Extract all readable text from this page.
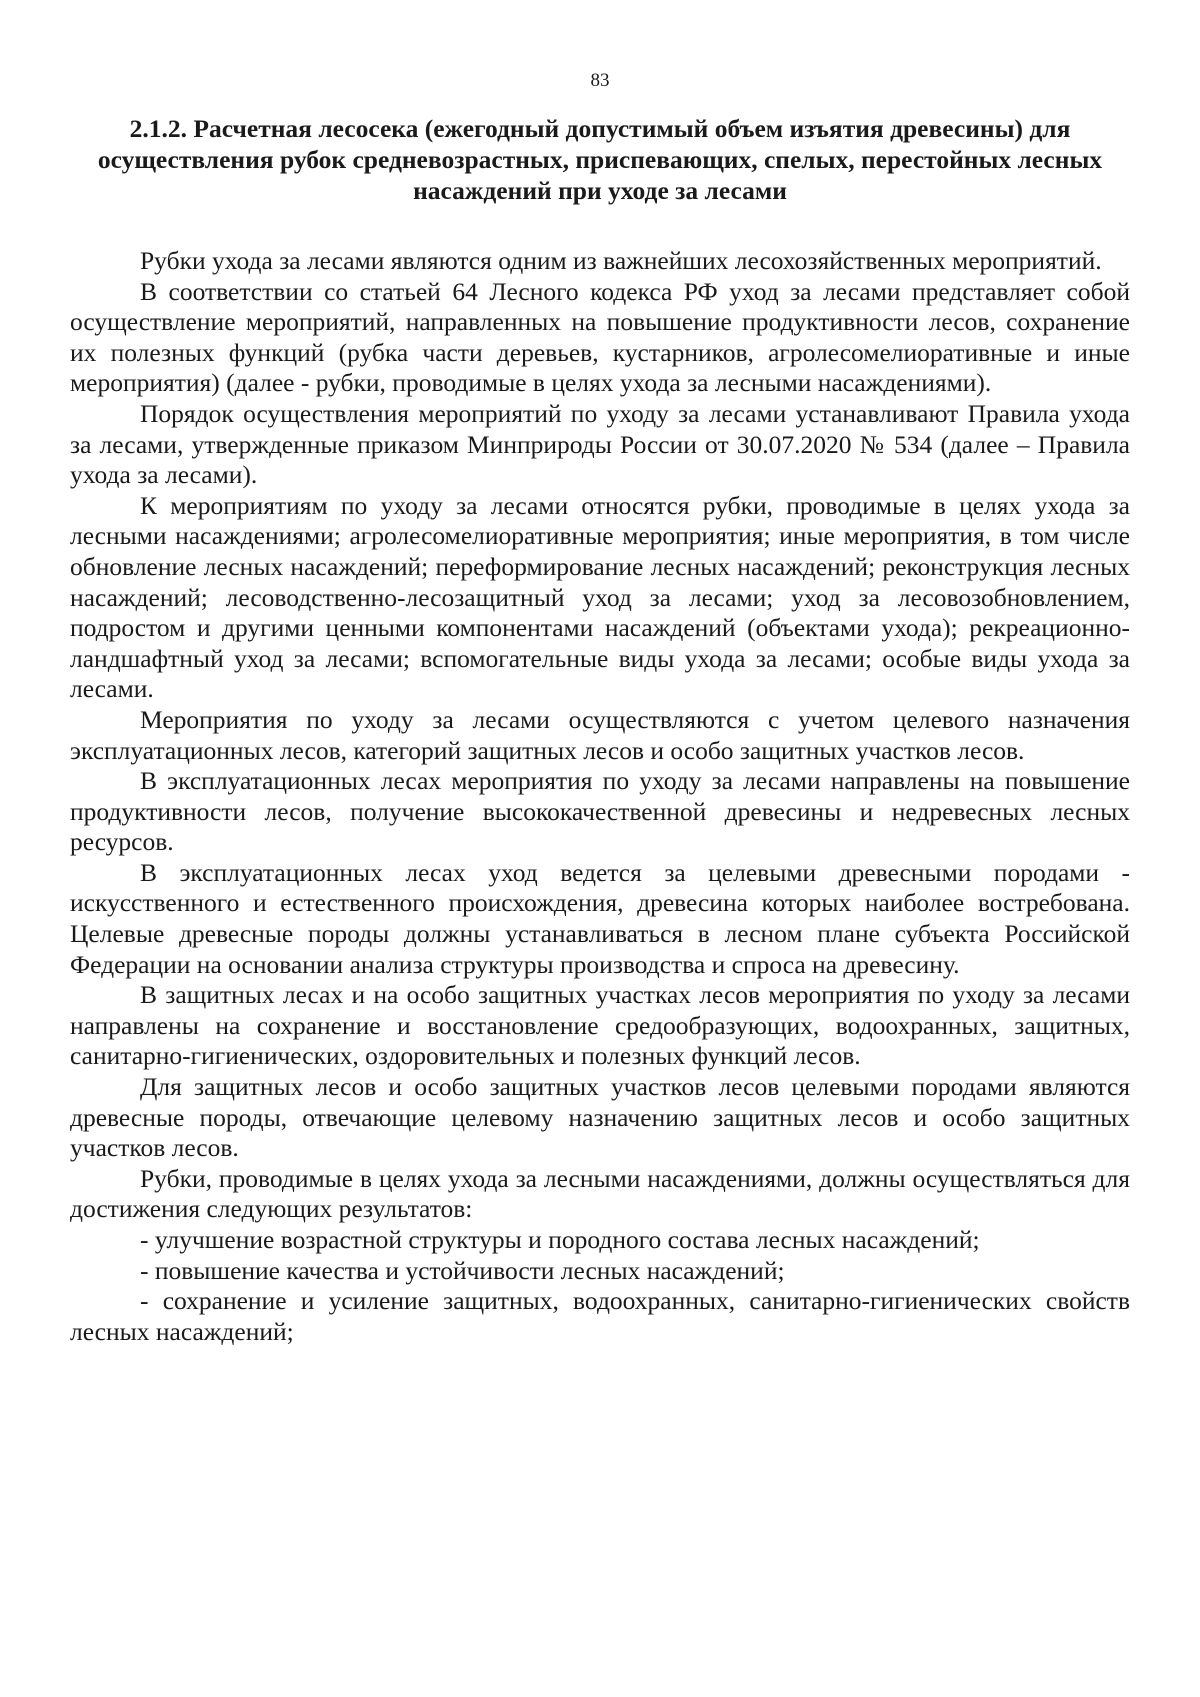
83
2.1.2. Расчетная лесосека (ежегодный допустимый объем изъятия древесины) для осуществления рубок средневозрастных, приспевающих, спелых, перестойных лесных насаждений при уходе за лесами

Рубки ухода за лесами являются одним из важнейших лесохозяйственных мероприятий.

В соответствии со статьей 64 Лесного кодекса РФ уход за лесами представляет собой осуществление мероприятий, направленных на повышение продуктивности лесов, сохранение их полезных функций (рубка части деревьев, кустарников, агролесомелиоративные и иные мероприятия) (далее - рубки, проводимые в целях ухода за лесными насаждениями).

Порядок осуществления мероприятий по уходу за лесами устанавливают Правила ухода за лесами, утвержденные приказом Минприроды России от 30.07.2020 № 534 (далее – Правила ухода за лесами).

К мероприятиям по уходу за лесами относятся рубки, проводимые в целях ухода за лесными насаждениями; агролесомелиоративные мероприятия; иные мероприятия, в том числе обновление лесных насаждений; переформирование лесных насаждений; реконструкция лесных насаждений; лесоводственно-лесозащитный уход за лесами; уход за лесовозобновлением, подростом и другими ценными компонентами насаждений (объектами ухода); рекреационно-ландшафтный уход за лесами; вспомогательные виды ухода за лесами; особые виды ухода за лесами.

Мероприятия по уходу за лесами осуществляются с учетом целевого назначения эксплуатационных лесов, категорий защитных лесов и особо защитных участков лесов.

В эксплуатационных лесах мероприятия по уходу за лесами направлены на повышение продуктивности лесов, получение высококачественной древесины и недревесных лесных ресурсов.

В эксплуатационных лесах уход ведется за целевыми древесными породами - искусственного и естественного происхождения, древесина которых наиболее востребована. Целевые древесные породы должны устанавливаться в лесном плане субъекта Российской Федерации на основании анализа структуры производства и спроса на древесину.

В защитных лесах и на особо защитных участках лесов мероприятия по уходу за лесами направлены на сохранение и восстановление средообразующих, водоохранных, защитных, санитарно-гигиенических, оздоровительных и полезных функций лесов.

Для защитных лесов и особо защитных участков лесов целевыми породами являются древесные породы, отвечающие целевому назначению защитных лесов и особо защитных участков лесов.

Рубки, проводимые в целях ухода за лесными насаждениями, должны осуществляться для достижения следующих результатов:

- улучшение возрастной структуры и породного состава лесных насаждений;

- повышение качества и устойчивости лесных насаждений;

- сохранение и усиление защитных, водоохранных, санитарно-гигиенических свойств лесных насаждений;
